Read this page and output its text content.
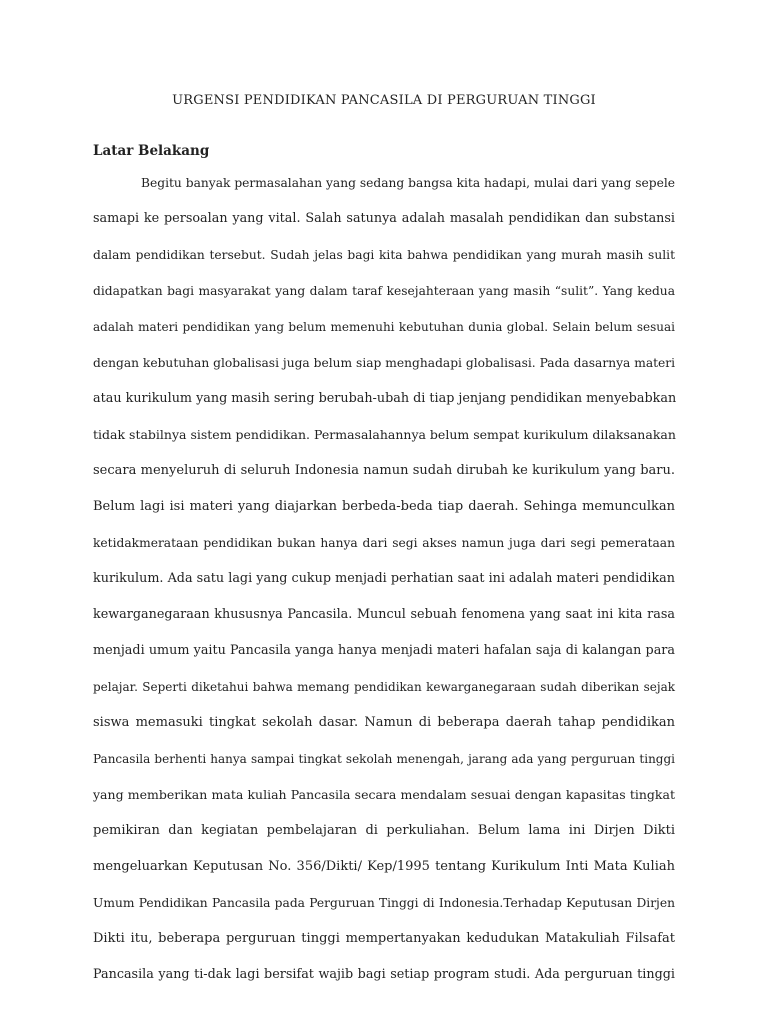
URGENSI PENDIDIKAN PANCASILA DI PERGURUAN TINGGI
Latar Belakang
Begitu banyak permasalahan yang sedang bangsa kita hadapi, mulai dari yang sepele
samapi ke persoalan yang vital. Salah satunya adalah masalah pendidikan dan substansi
dalam pendidikan tersebut. Sudah jelas bagi kita bahwa pendidikan yang murah masih sulit
didapatkan bagi masyarakat yang dalam taraf kesejahteraan yang masih “sulit”. Yang kedua
adalah materi pendidikan yang belum memenuhi kebutuhan dunia global. Selain belum sesuai
dengan kebutuhan globalisasi juga belum siap menghadapi globalisasi. Pada dasarnya materi
atau kurikulum yang masih sering berubah-ubah di tiap jenjang pendidikan menyebabkan
tidak stabilnya sistem pendidikan. Permasalahannya belum sempat kurikulum dilaksanakan
secara menyeluruh di seluruh Indonesia namun sudah dirubah ke kurikulum yang baru.
Belum lagi isi materi yang diajarkan berbeda-beda tiap daerah. Sehinga memunculkan
ketidakmerataan pendidikan bukan hanya dari segi akses namun juga dari segi pemerataan
kurikulum. Ada satu lagi yang cukup menjadi perhatian saat ini adalah materi pendidikan
kewarganegaraan khususnya Pancasila. Muncul sebuah fenomena yang saat ini kita rasa
menjadi umum yaitu Pancasila yanga hanya menjadi materi hafalan saja di kalangan para
pelajar. Seperti diketahui bahwa memang pendidikan kewarganegaraan sudah diberikan sejak
siswa memasuki tingkat sekolah dasar. Namun di beberapa daerah tahap pendidikan
Pancasila berhenti hanya sampai tingkat sekolah menengah, jarang ada yang perguruan tinggi
yang memberikan mata kuliah Pancasila secara mendalam sesuai dengan kapasitas tingkat
pemikiran dan kegiatan pembelajaran di perkuliahan. Belum lama ini Dirjen Dikti
mengeluarkan Keputusan No. 356/Dikti/ Kep/1995 tentang Kurikulum Inti Mata Kuliah
Umum Pendidikan Pancasila pada Perguruan Tinggi di Indonesia.Terhadap Keputusan Dirjen
Dikti itu, beberapa perguruan tinggi mempertanyakan kedudukan Matakuliah Filsafat
Pancasila yang ti-dak lagi bersifat wajib bagi setiap program studi. Ada perguruan tinggi
